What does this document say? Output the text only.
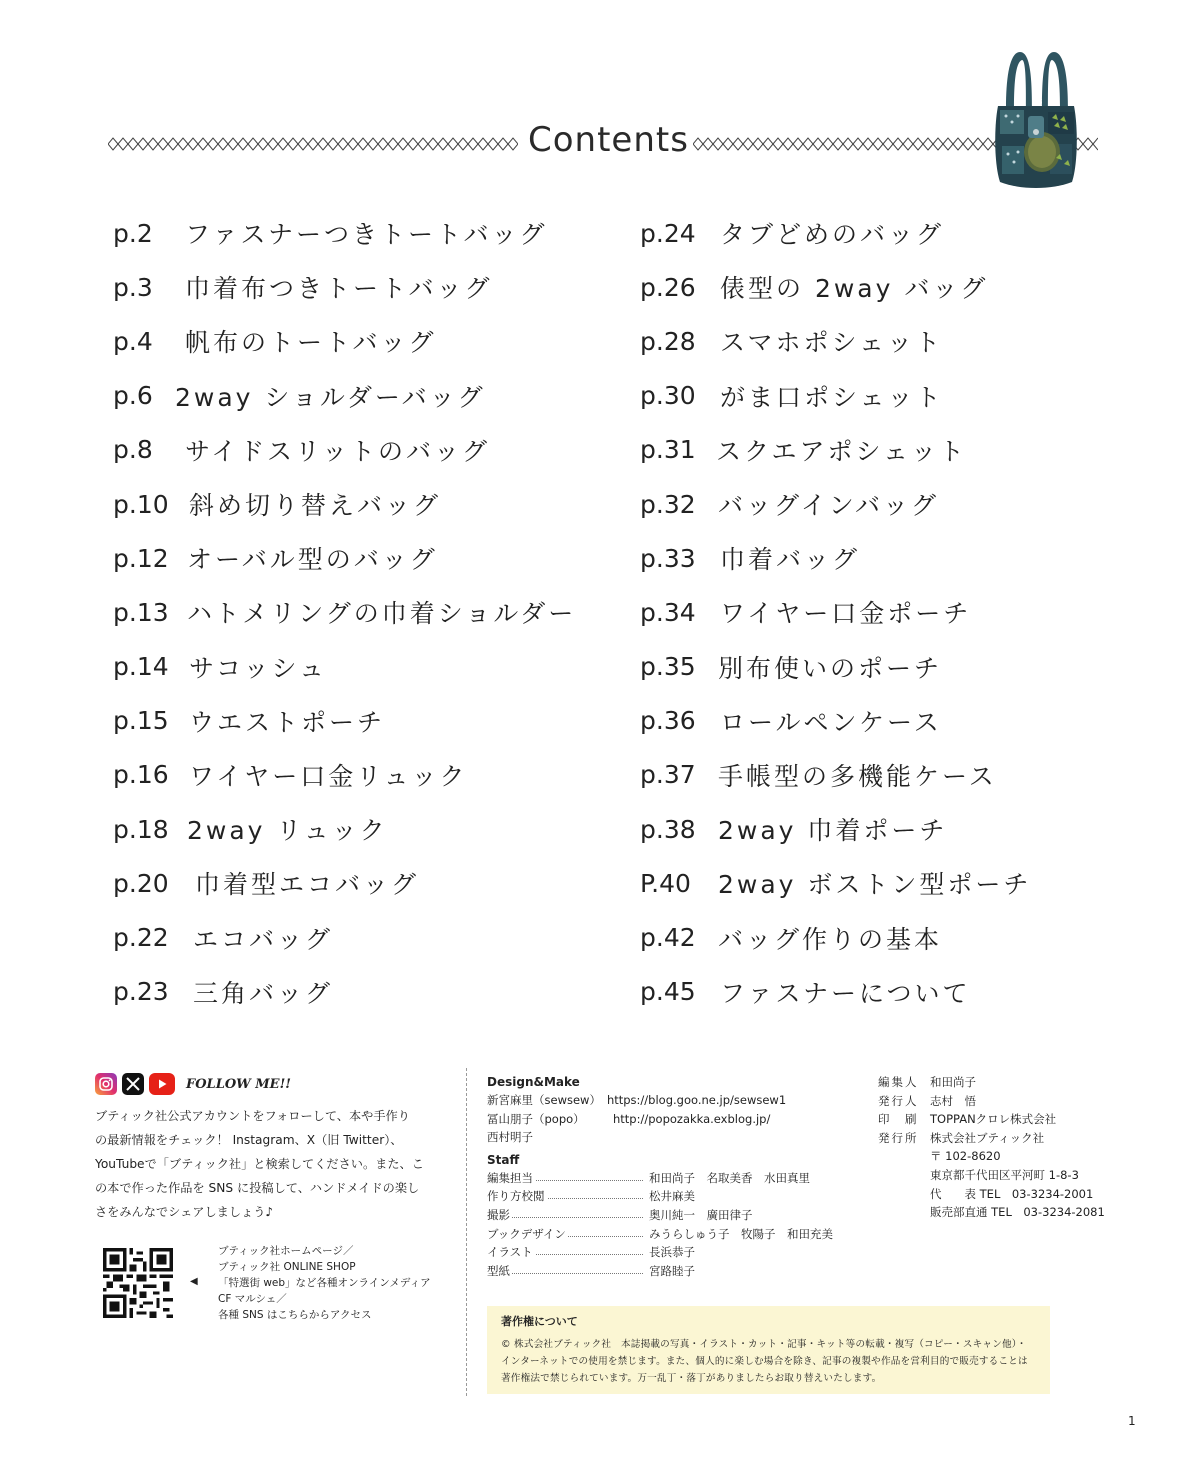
Contents
p.2	ファスナーつきトートバッグ
p.3	巾着布つきトートバッグ
p.4	帆布のトートバッグ
p.6 2way ショルダーバッグ
p.8	サイドスリットのバッグ
p.10 斜め切り替えバッグ
p.12 オーバル型のバッグ
p.13 ハトメリングの巾着ショルダー
p.14 サコッシュ
p.15 ウエストポーチ
p.16 ワイヤー口金リュック
p.18 2way リュック
p.20	巾着型エコバッグ
p.22 エコバッグ
p.23 三角バッグ
p.24 タブどめのバッグ
p.26 俵型の 2way バッグ
p.28 スマホポシェット
p.30 がま口ポシェット
p.31 スクエアポシェット
p.32 バッグインバッグ
p.33 巾着バッグ
p.34 ワイヤー口金ポーチ
p.35 別布使いのポーチ
p.36 ロールペンケース
p.37 手帳型の多機能ケース
p.38 2way 巾着ポーチ
P.40	2way ボストン型ポーチ
p.42 バッグ作りの基本
p.45 ファスナーについて
FOLLOW ME!!
ブティック社公式アカウントをフォローして、本や手作り
の最新情報をチェック！ Instagram、X（旧 Twitter）、
YouTubeで「ブティック社」と検索してください。また、こ
の本で作った作品を SNS に投稿して、ハンドメイドの楽し
さをみんなでシェアしましょう♪
◀
ブティック社ホームページ／
ブティック社 ONLINE SHOP
「特選街 web」など各種オンラインメディア
CF マルシェ／
各種 SNS はこちらからアクセス
Design&Make
新宮麻里（sewsew） https://blog.goo.ne.jp/sewsew1
冨山朋子（popo） http://popozakka.exblog.jp/
西村明子
Staff
編集担当	和田尚子　名取美香　水田真里
作り方校閲	松井麻美
撮影	奥川純一　廣田律子
ブックデザイン	みうらしゅう子　牧陽子　和田充美
イラスト	長浜恭子
型紙	宮路睦子
編集人	和田尚子
発行人	志村　悟
印　刷	TOPPANクロレ株式会社
発行所	株式会社ブティック社
〒 102-8620
東京都千代田区平河町 1-8-3
代　　表 TEL　03-3234-2001
販売部直通 TEL　03-3234-2081
著作権について

© 株式会社ブティック社　本誌掲載の写真・イラスト・カット・記事・キット等の転載・複写（コピー・スキャン他）・インターネットでの使用を禁じます。また、個人的に楽しむ場合を除き、記事の複製や作品を営利目的で販売することは著作権法で禁じられています。万一乱丁・落丁がありましたらお取り替えいたします。

1
